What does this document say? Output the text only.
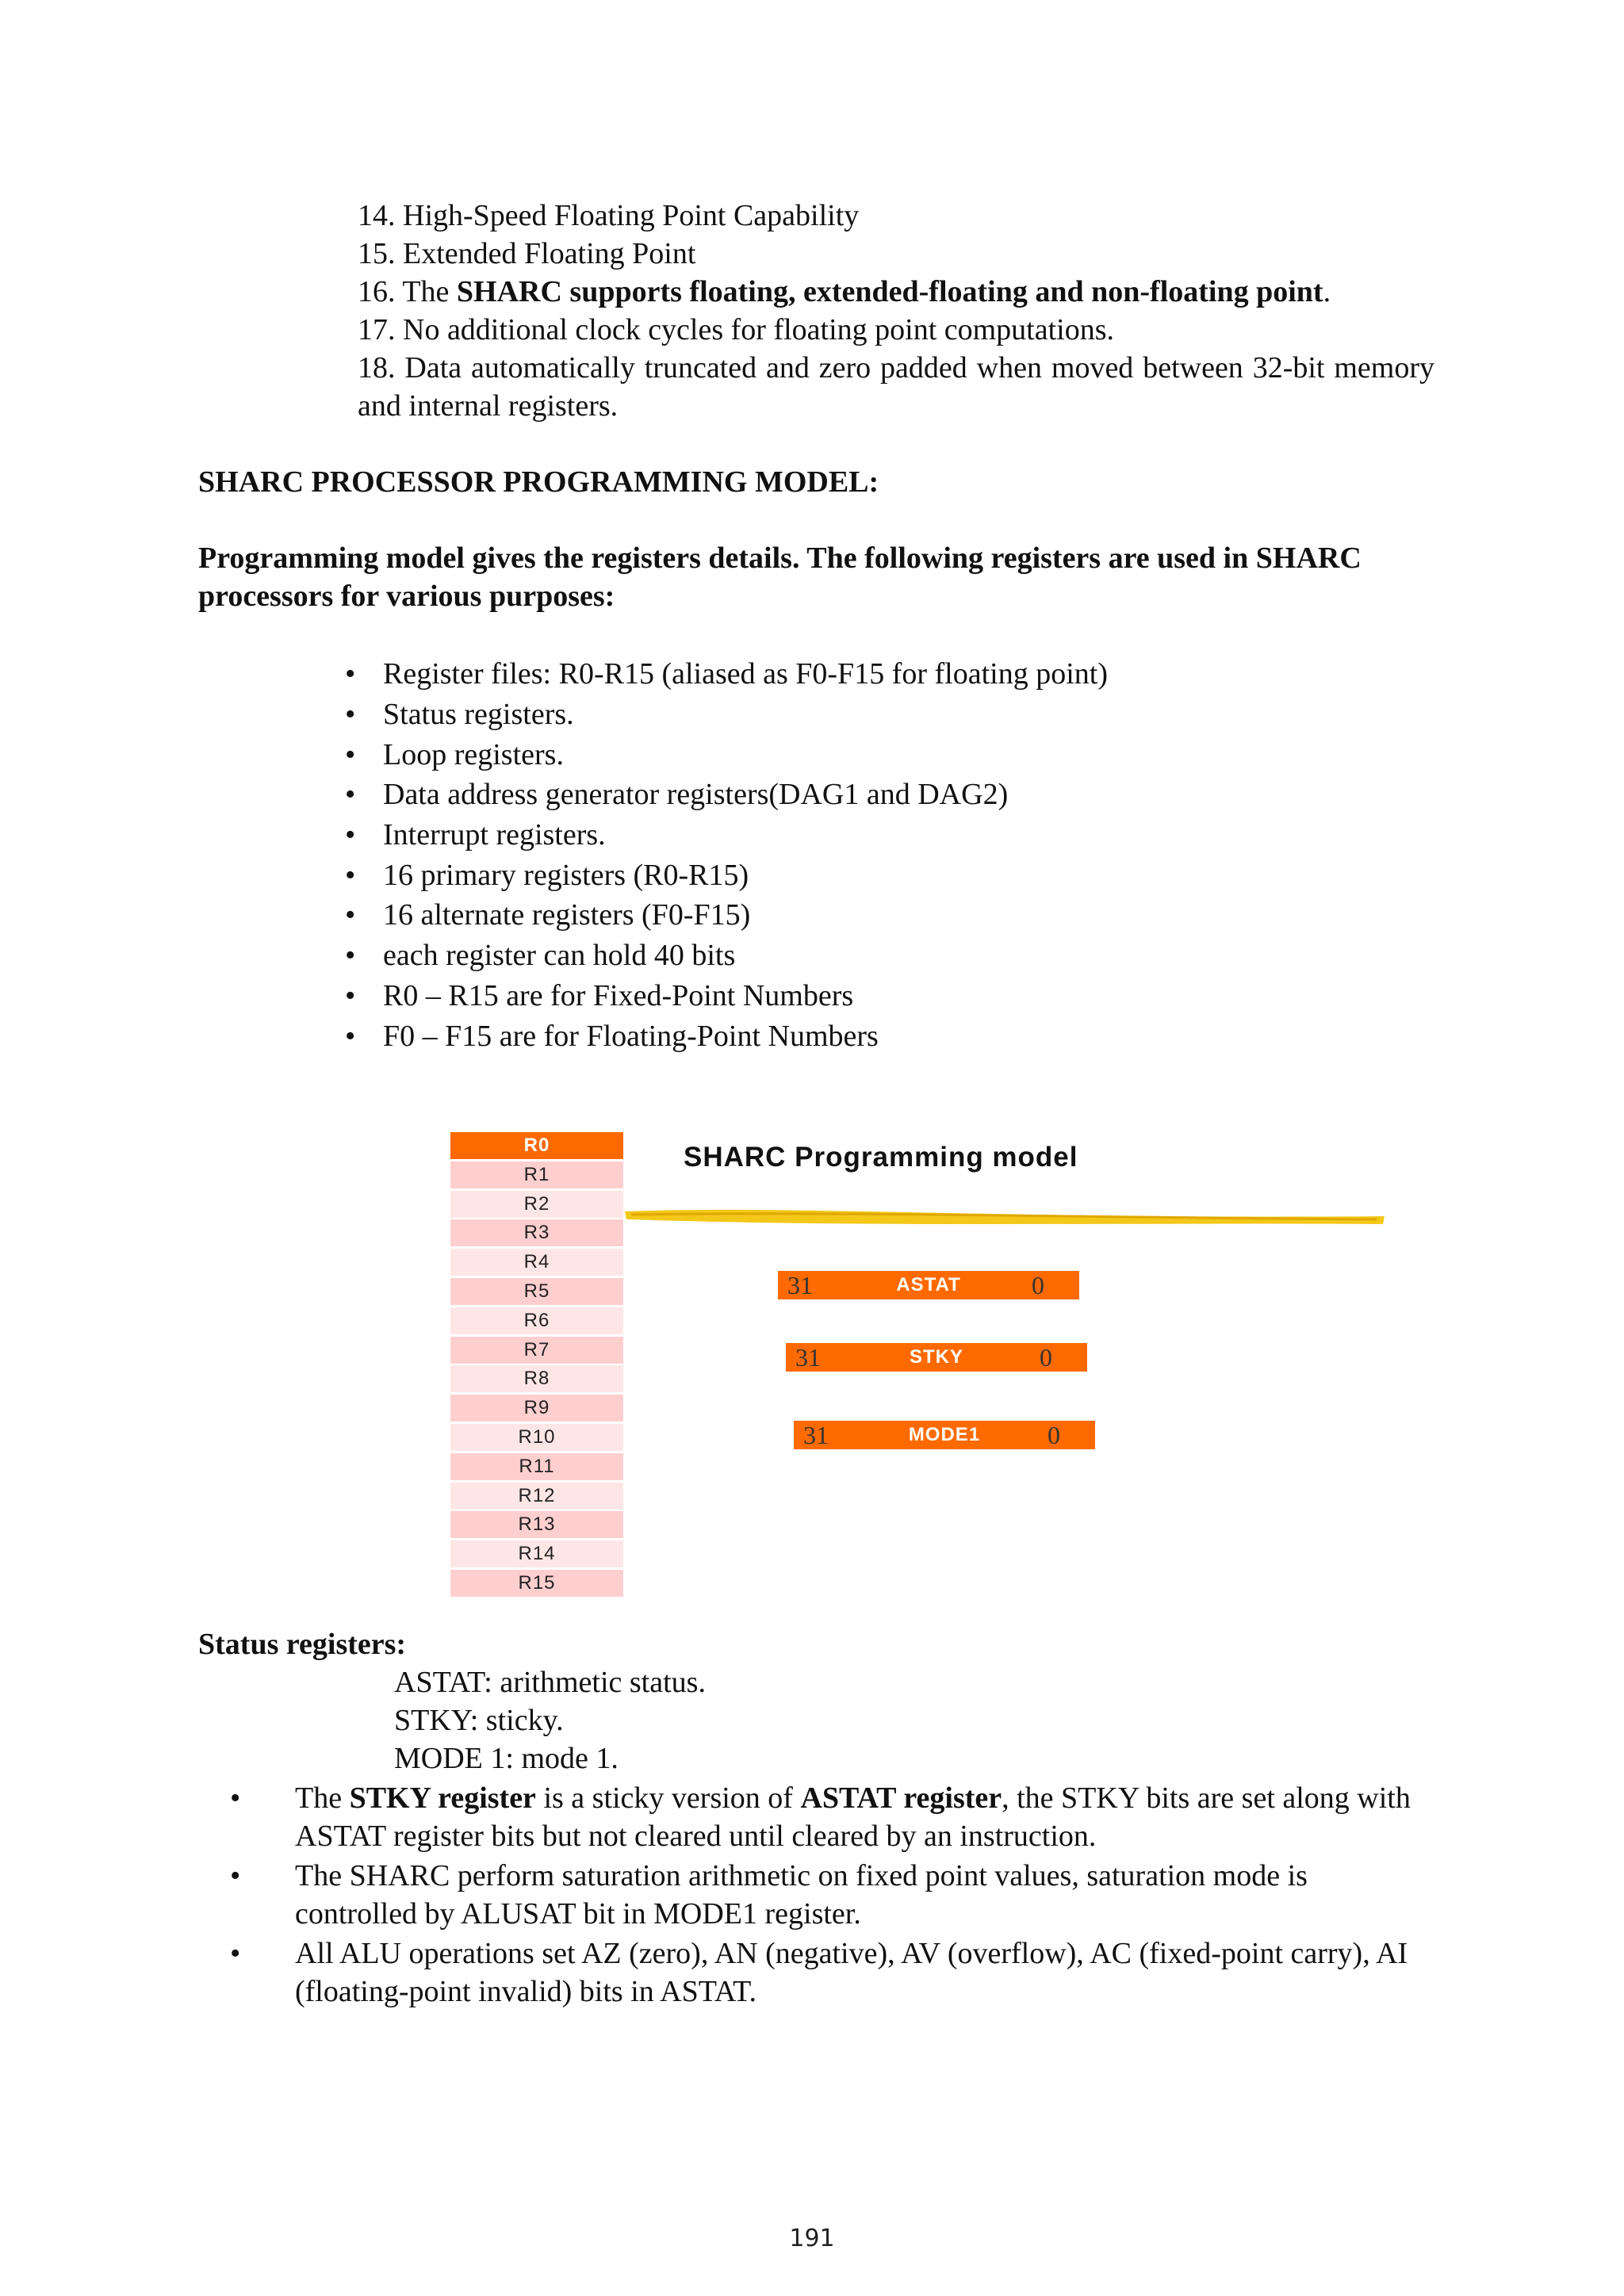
14. High-Speed Floating Point Capability
15. Extended Floating Point
16. The SHARC supports floating, extended-floating and non-floating point.
17. No additional clock cycles for floating point computations.
18. Data automatically truncated and zero padded when moved between 32-bit memory and internal registers.
SHARC PROCESSOR PROGRAMMING MODEL:
Programming model gives the registers details. The following registers are used in SHARC processors for various purposes:
• Register files: R0-R15 (aliased as F0-F15 for floating point)
• Status registers.
• Loop registers.
• Data address generator registers(DAG1 and DAG2)
• Interrupt registers.
• 16 primary registers (R0-R15)
• 16 alternate registers (F0-F15)
• each register can hold 40 bits
• R0 – R15 are for Fixed-Point Numbers
• F0 – F15 are for Floating-Point Numbers
R0
R1
R2
R3
R4
R5
R6
R7
R8
R9
R10
R11
R12
R13
R14
R15
SHARC Programming model
31	ASTAT	0
31	STKY	0
31	MODE1	0
Status registers:
ASTAT: arithmetic status.
STKY: sticky.
MODE 1: mode 1.
• The STKY register is a sticky version of ASTAT register, the STKY bits are set along with ASTAT register bits but not cleared until cleared by an instruction.
• The SHARC perform saturation arithmetic on fixed point values, saturation mode is controlled by ALUSAT bit in MODE1 register.
• All ALU operations set AZ (zero), AN (negative), AV (overflow), AC (fixed-point carry), AI (floating-point invalid) bits in ASTAT.
191
